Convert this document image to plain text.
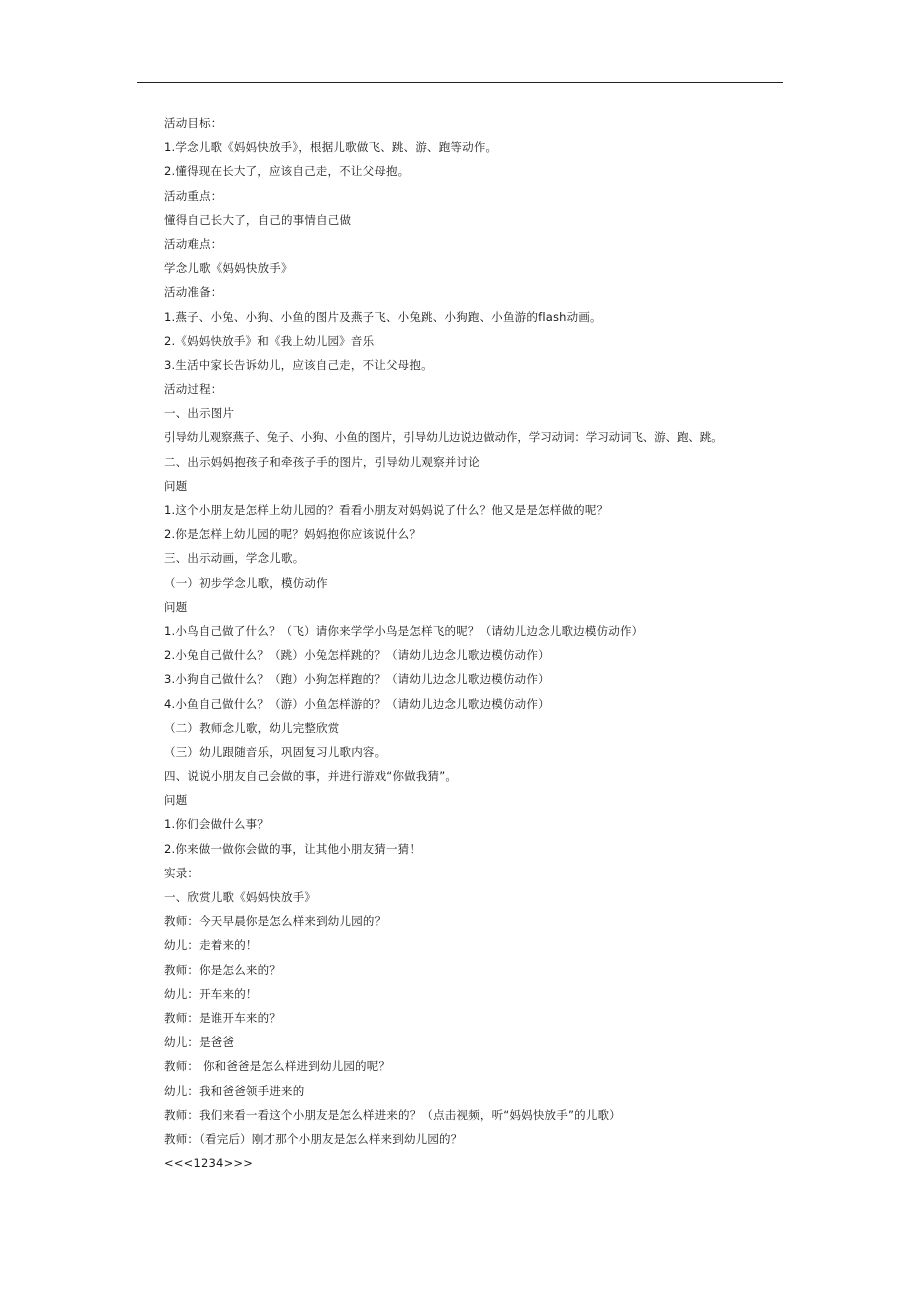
活动目标：
1.学念儿歌《妈妈快放手》，根据儿歌做飞、跳、游、跑等动作。
2.懂得现在长大了，应该自己走，不让父母抱。
活动重点：
懂得自己长大了，自己的事情自己做
活动难点：
学念儿歌《妈妈快放手》
活动准备：
1.燕子、小兔、小狗、小鱼的图片及燕子飞、小兔跳、小狗跑、小鱼游的flash动画。
2.《妈妈快放手》和《我上幼儿园》音乐
3.生活中家长告诉幼儿，应该自己走，不让父母抱。
活动过程：
一、出示图片
引导幼儿观察燕子、兔子、小狗、小鱼的图片，引导幼儿边说边做动作，学习动词：学习动词飞、游、跑、跳。
二、出示妈妈抱孩子和牵孩子手的图片，引导幼儿观察并讨论
问题
1.这个小朋友是怎样上幼儿园的？看看小朋友对妈妈说了什么？他又是是怎样做的呢？
2.你是怎样上幼儿园的呢？妈妈抱你应该说什么？
三、出示动画，学念儿歌。
（一）初步学念儿歌，模仿动作
问题
1.小鸟自己做了什么？（飞）请你来学学小鸟是怎样飞的呢？（请幼儿边念儿歌边模仿动作）
2.小兔自己做什么？（跳）小兔怎样跳的？（请幼儿边念儿歌边模仿动作）
3.小狗自己做什么？（跑）小狗怎样跑的？（请幼儿边念儿歌边模仿动作）
4.小鱼自己做什么？（游）小鱼怎样游的？（请幼儿边念儿歌边模仿动作）
（二）教师念儿歌，幼儿完整欣赏
（三）幼儿跟随音乐，巩固复习儿歌内容。
四、说说小朋友自己会做的事，并进行游戏“你做我猜”。
问题
1.你们会做什么事？
2.你来做一做你会做的事，让其他小朋友猜一猜！
实录：
一、欣赏儿歌《妈妈快放手》
教师：今天早晨你是怎么样来到幼儿园的？
幼儿：走着来的！
教师：你是怎么来的？
幼儿：开车来的！
教师：是谁开车来的？
幼儿：是爸爸
教师： 你和爸爸是怎么样进到幼儿园的呢？
幼儿：我和爸爸领手进来的
教师：我们来看一看这个小朋友是怎么样进来的？（点击视频，听“妈妈快放手”的儿歌）
教师：（看完后）刚才那个小朋友是怎么样来到幼儿园的？
<<<1234>>>
